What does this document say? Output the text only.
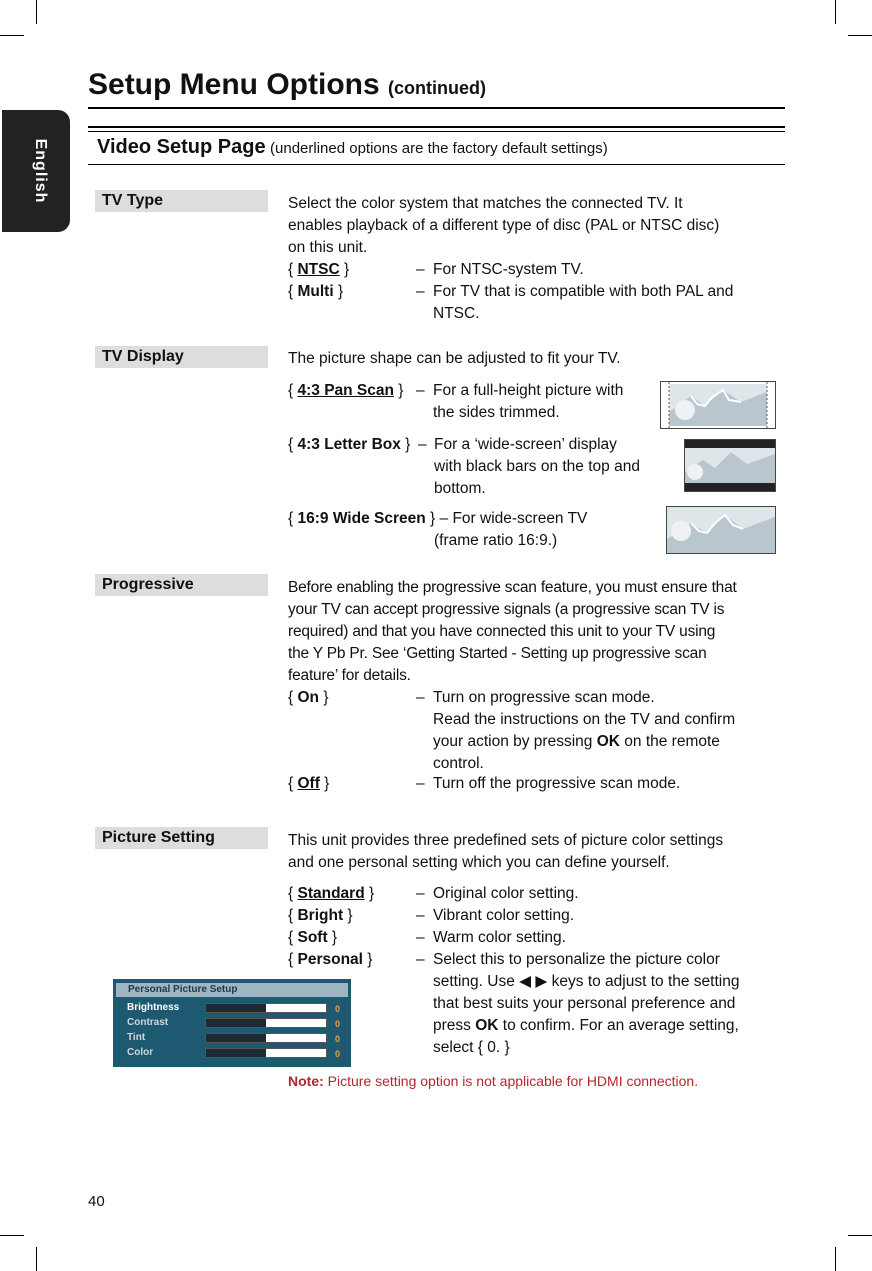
English
Setup Menu Options (continued)
Video Setup Page (underlined options are the factory default settings)
TV Type	Select the color system that matches the connected TV. It
enables playback of a different type of disc (PAL or NTSC disc)
on this unit.
{ NTSC }	– For NTSC-system TV.
{ Multi }	– For TV that is compatible with both PAL and
NTSC.
TV Display	The picture shape can be adjusted to fit your TV.
{ 4:3 Pan Scan } – For a full-height picture with
the sides trimmed.
{ 4:3 Letter Box } – For a ‘wide-screen’ display
with black bars on the top and
bottom.
{ 16:9 Wide Screen } – For wide-screen TV
(frame ratio 16:9.)
Progressive	Before enabling the progressive scan feature, you must ensure that
your TV can accept progressive signals (a progressive scan TV is
required) and that you have connected this unit to your TV using
the Y Pb Pr. See ‘Getting Started - Setting up progressive scan
feature’ for details.
{ On }	– Turn on progressive scan mode.
Read the instructions on the TV and confirm
your action by pressing OK on the remote
control.
{ Off }	– Turn off the progressive scan mode.
Picture Setting	This unit provides three predefined sets of picture color settings
and one personal setting which you can define yourself.
{ Standard }	– Original color setting.
{ Bright }	– Vibrant color setting.
{ Soft }	– Warm color setting.
{ Personal }	– Select this to personalize the picture color
setting. Use ◀ ▶ keys to adjust to the setting
that best suits your personal preference and
press OK to confirm. For an average setting,
select { 0. }
Personal Picture Setup
Brightness	0
Contrast	0
Tint	0
Color	0
Note: Picture setting option is not applicable for HDMI connection.
40
